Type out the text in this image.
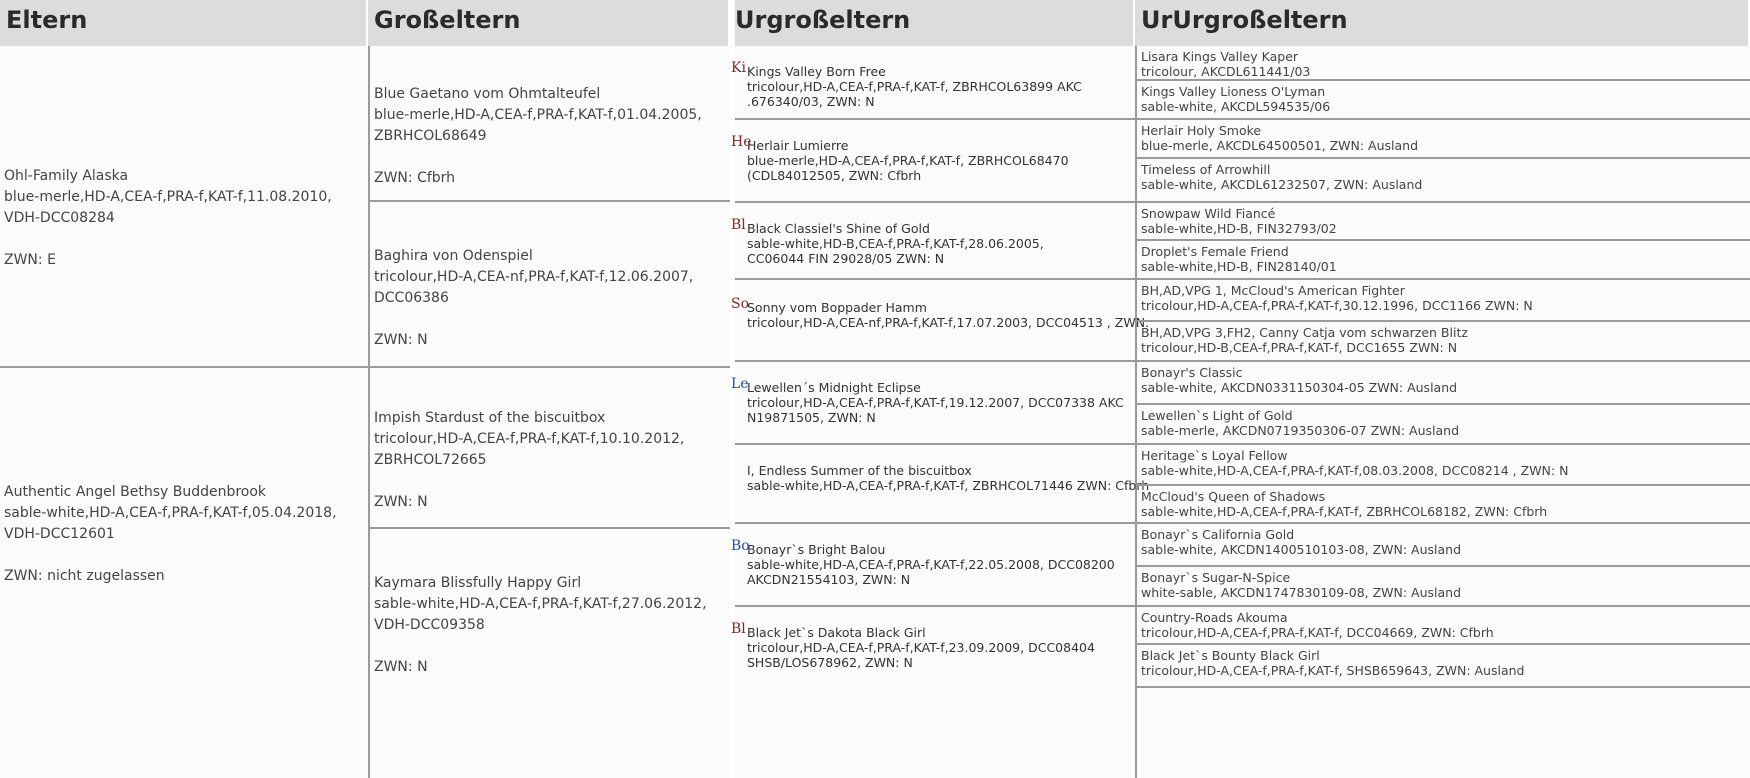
Eltern	Großeltern
Ohl-Family Alaska
blue-merle,HD-A,CEA-f,PRA-f,KAT-f,11.08.2010,
VDH-DCC08284
ZWN: E
Authentic Angel Bethsy Buddenbrook
sable-white,HD-A,CEA-f,PRA-f,KAT-f,05.04.2018,
VDH-DCC12601
ZWN: nicht zugelassen
Blue Gaetano vom Ohmtalteufel
blue-merle,HD-A,CEA-f,PRA-f,KAT-f,01.04.2005,
ZBRHCOL68649
ZWN: Cfbrh
Baghira von Odenspiel
tricolour,HD-A,CEA-nf,PRA-f,KAT-f,12.06.2007,
DCC06386
ZWN: N
Impish Stardust of the biscuitbox
tricolour,HD-A,CEA-f,PRA-f,KAT-f,10.10.2012,
ZBRHCOL72665
ZWN: N
Kaymara Blissfully Happy Girl
sable-white,HD-A,CEA-f,PRA-f,KAT-f,27.06.2012,
VDH-DCC09358
ZWN: N
Urgroßeltern	UrUrgroßeltern
Kings Valley Born Free
tricolour,HD-A,CEA-f,PRA-f,KAT-f, ZBRHCOL63899 AKC
.676340/03, ZWN: N
Ki
Herlair Lumierre
blue-merle,HD-A,CEA-f,PRA-f,KAT-f, ZBRHCOL68470
(CDL84012505, ZWN: Cfbrh
He
Black Classiel's Shine of Gold
sable-white,HD-B,CEA-f,PRA-f,KAT-f,28.06.2005,
CC06044 FIN 29028/05 ZWN: N
Bl
Sonny vom Boppader Hamm
tricolour,HD-A,CEA-nf,PRA-f,KAT-f,17.07.2003, DCC04513 , ZWN:
So
Lewellen´s Midnight Eclipse
tricolour,HD-A,CEA-f,PRA-f,KAT-f,19.12.2007, DCC07338 AKC
N19871505, ZWN: N
Le
I, Endless Summer of the biscuitbox
sable-white,HD-A,CEA-f,PRA-f,KAT-f, ZBRHCOL71446 ZWN: Cfbrh
Bonayr`s Bright Balou
sable-white,HD-A,CEA-f,PRA-f,KAT-f,22.05.2008, DCC08200
AKCDN21554103, ZWN: N
Bo
Black Jet`s Dakota Black Girl
tricolour,HD-A,CEA-f,PRA-f,KAT-f,23.09.2009, DCC08404
SHSB/LOS678962, ZWN: N
Bl
Lisara Kings Valley Kaper
tricolour, AKCDL611441/03
Kings Valley Lioness O'Lyman
sable-white, AKCDL594535/06
Herlair Holy Smoke
blue-merle, AKCDL64500501, ZWN: Ausland
Timeless of Arrowhill
sable-white, AKCDL61232507, ZWN: Ausland
Snowpaw Wild Fiancé
sable-white,HD-B, FIN32793/02
Droplet's Female Friend
sable-white,HD-B, FIN28140/01
BH,AD,VPG 1, McCloud's American Fighter
tricolour,HD-A,CEA-f,PRA-f,KAT-f,30.12.1996, DCC1166 ZWN: N
BH,AD,VPG 3,FH2, Canny Catja vom schwarzen Blitz
tricolour,HD-B,CEA-f,PRA-f,KAT-f, DCC1655 ZWN: N
Bonayr's Classic
sable-white, AKCDN0331150304-05 ZWN: Ausland
Lewellen`s Light of Gold
sable-merle, AKCDN0719350306-07 ZWN: Ausland
Heritage`s Loyal Fellow
sable-white,HD-A,CEA-f,PRA-f,KAT-f,08.03.2008, DCC08214 , ZWN: N
McCloud's Queen of Shadows
sable-white,HD-A,CEA-f,PRA-f,KAT-f, ZBRHCOL68182, ZWN: Cfbrh
Bonayr`s California Gold
sable-white, AKCDN1400510103-08, ZWN: Ausland
Bonayr`s Sugar-N-Spice
white-sable, AKCDN1747830109-08, ZWN: Ausland
Country-Roads Akouma
tricolour,HD-A,CEA-f,PRA-f,KAT-f, DCC04669, ZWN: Cfbrh
Black Jet`s Bounty Black Girl
tricolour,HD-A,CEA-f,PRA-f,KAT-f, SHSB659643, ZWN: Ausland
